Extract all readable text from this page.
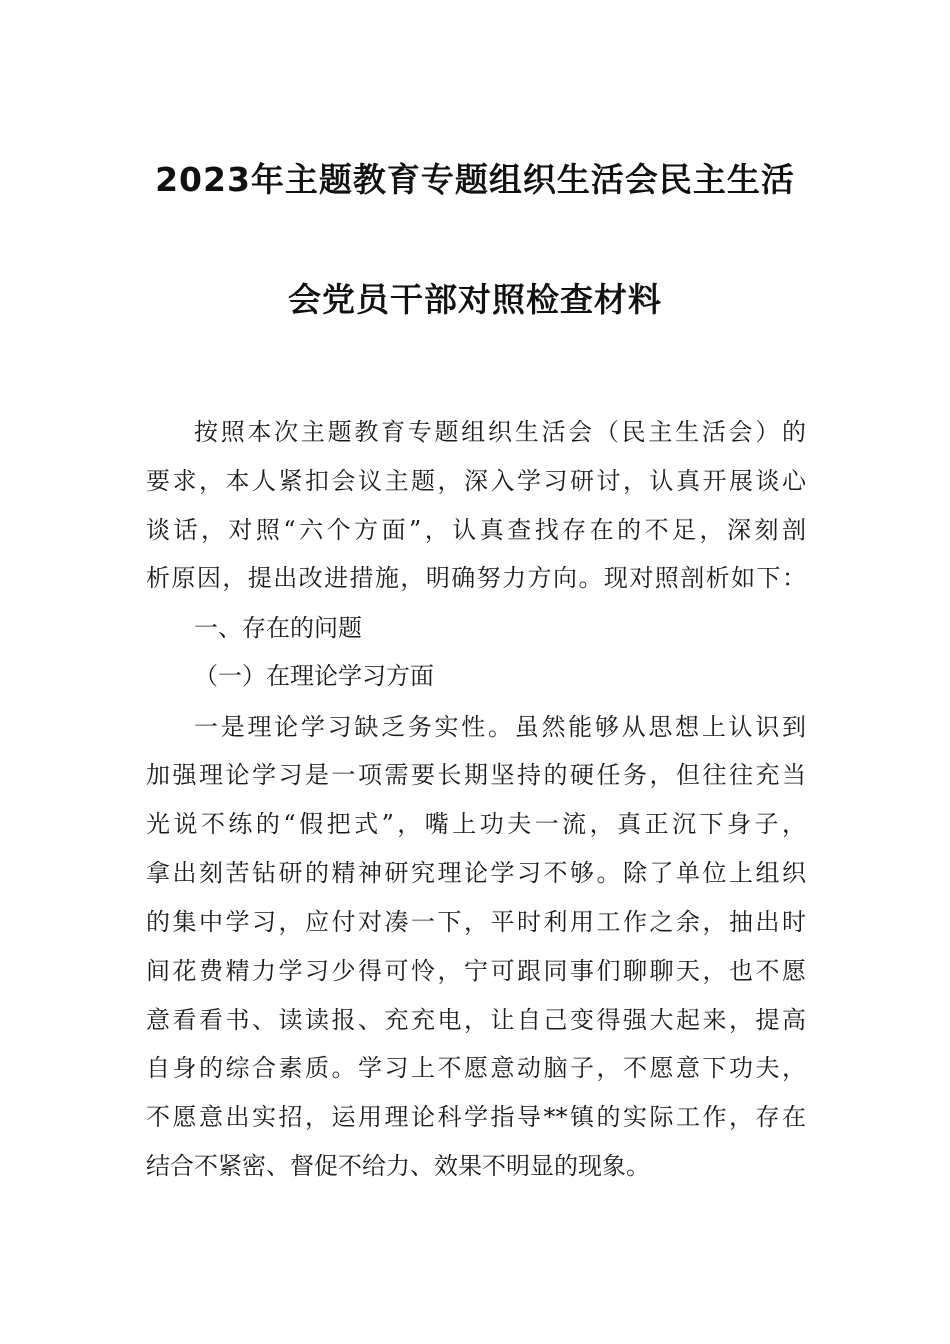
2023年主题教育专题组织生活会民主生活
会党员干部对照检查材料
按照本次主题教育专题组织生活会（民主生活会）的
要求，本人紧扣会议主题，深入学习研讨，认真开展谈心
谈话，对照“六个方面”，认真查找存在的不足，深刻剖
析原因，提出改进措施，明确努力方向。现对照剖析如下：
一、存在的问题
（一）在理论学习方面
一是理论学习缺乏务实性。虽然能够从思想上认识到
加强理论学习是一项需要长期坚持的硬任务，但往往充当
光说不练的“假把式”，嘴上功夫一流，真正沉下身子，
拿出刻苦钻研的精神研究理论学习不够。除了单位上组织
的集中学习，应付对凑一下，平时利用工作之余，抽出时
间花费精力学习少得可怜，宁可跟同事们聊聊天，也不愿
意看看书、读读报、充充电，让自己变得强大起来，提高
自身的综合素质。学习上不愿意动脑子，不愿意下功夫，
不愿意出实招，运用理论科学指导**镇的实际工作，存在
结合不紧密、督促不给力、效果不明显的现象。
